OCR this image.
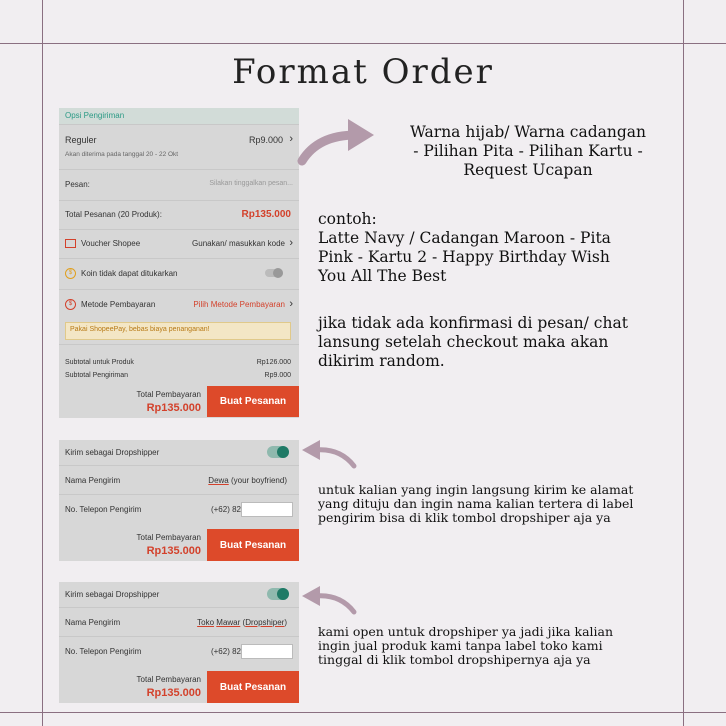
Format Order
Opsi Pengiriman
Reguler	Rp9.000 ›
Akan diterima pada tanggal 20 - 22 Okt
Pesan:	Silakan tinggalkan pesan...
Total Pesanan (20 Produk):	Rp135.000
Voucher Shopee	Gunakan/ masukkan kode ›
$	Koin tidak dapat ditukarkan
$	Metode Pembayaran	Pilih Metode Pembayaran ›
Pakai ShopeePay, bebas biaya penanganan!
Subtotal untuk Produk	Rp126.000
Subtotal Pengiriman	Rp9.000
Total Pembayaran
Rp135.000
Buat Pesanan
Kirim sebagai Dropshipper
Nama Pengirim	Dewa (your boyfriend)
No. Telepon Pengirim	(+62) 82
Total Pembayaran
Rp135.000	Buat Pesanan
Kirim sebagai Dropshipper
Nama Pengirim	Toko Mawar (Dropshiper)
No. Telepon Pengirim	(+62) 82
Total Pembayaran
Rp135.000	Buat Pesanan
Warna hijab/ Warna cadangan
- Pilihan Pita - Pilihan Kartu -
Request Ucapan
contoh:
Latte Navy / Cadangan Maroon - Pita
Pink - Kartu 2 - Happy Birthday Wish
You All The Best
jika tidak ada konfirmasi di pesan/ chat
lansung setelah checkout maka akan
dikirim random.
untuk kalian yang ingin langsung kirim ke alamat
yang dituju dan ingin nama kalian tertera di label
pengirim bisa di klik tombol dropshiper aja ya
kami open untuk dropshiper ya jadi jika kalian
ingin jual produk kami tanpa label toko kami
tinggal di klik tombol dropshipernya aja ya
